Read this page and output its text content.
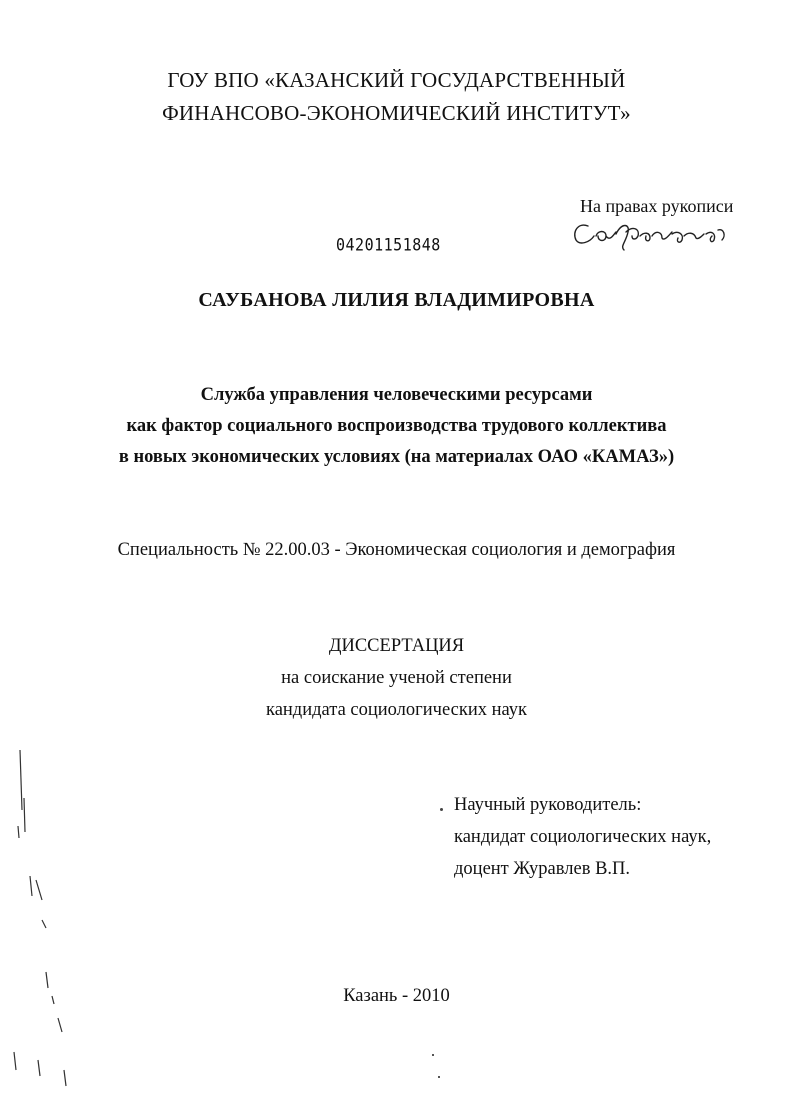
ГОУ ВПО «КАЗАНСКИЙ ГОСУДАРСТВЕННЫЙ
ФИНАНСОВО-ЭКОНОМИЧЕСКИЙ ИНСТИТУТ»
На правах рукописи
04201151848
САУБАНОВА ЛИЛИЯ ВЛАДИМИРОВНА
Служба управления человеческими ресурсами
как фактор социального воспроизводства трудового коллектива
в новых экономических условиях (на материалах ОАО «КАМАЗ»)
Специальность № 22.00.03 - Экономическая социология и демография
ДИССЕРТАЦИЯ
на соискание ученой степени
кандидата социологических наук
Научный руководитель:
кандидат социологических наук,
доцент Журавлев В.П.
Казань - 2010
